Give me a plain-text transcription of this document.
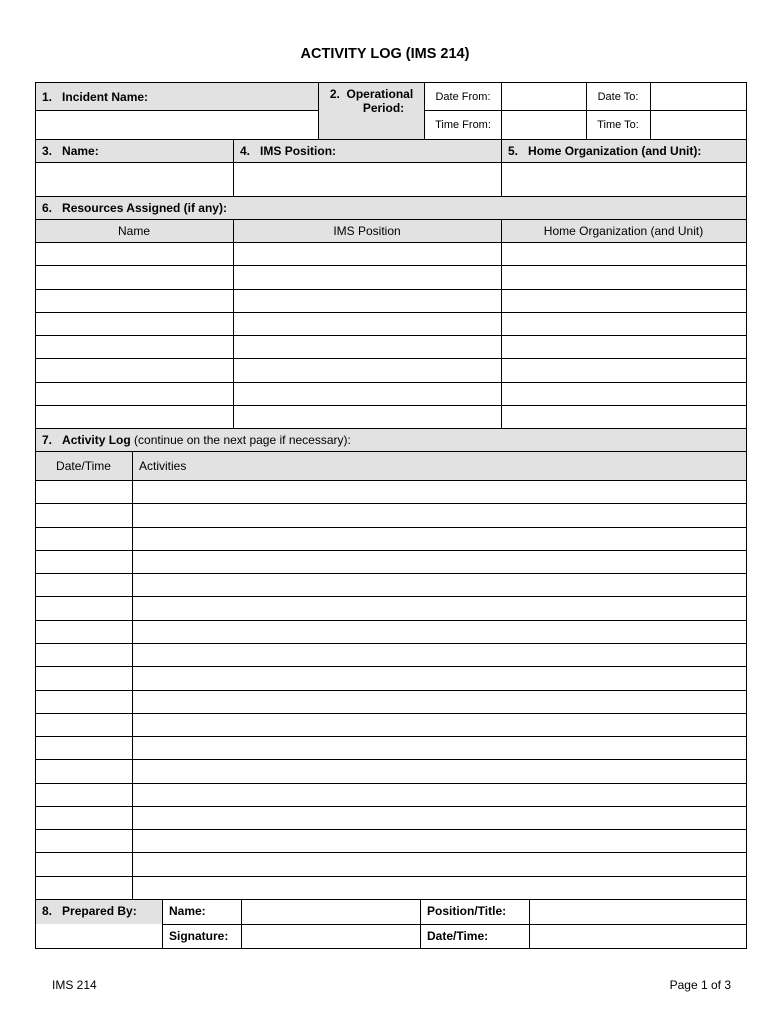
ACTIVITY LOG (IMS 214)
1. Incident Name:	2. Operational
Period:
Date From:	Date To:
Time From:	Time To:
3. Name:	4. IMS Position:	5. Home Organization (and Unit):
6. Resources Assigned (if any):
Name	IMS Position	Home Organization (and Unit)
7. Activity Log (continue on the next page if necessary):
Date/Time	Activities
8. Prepared By:	Name:	Position/Title:
Signature:	Date/Time:
IMS 214	Page 1 of 3
